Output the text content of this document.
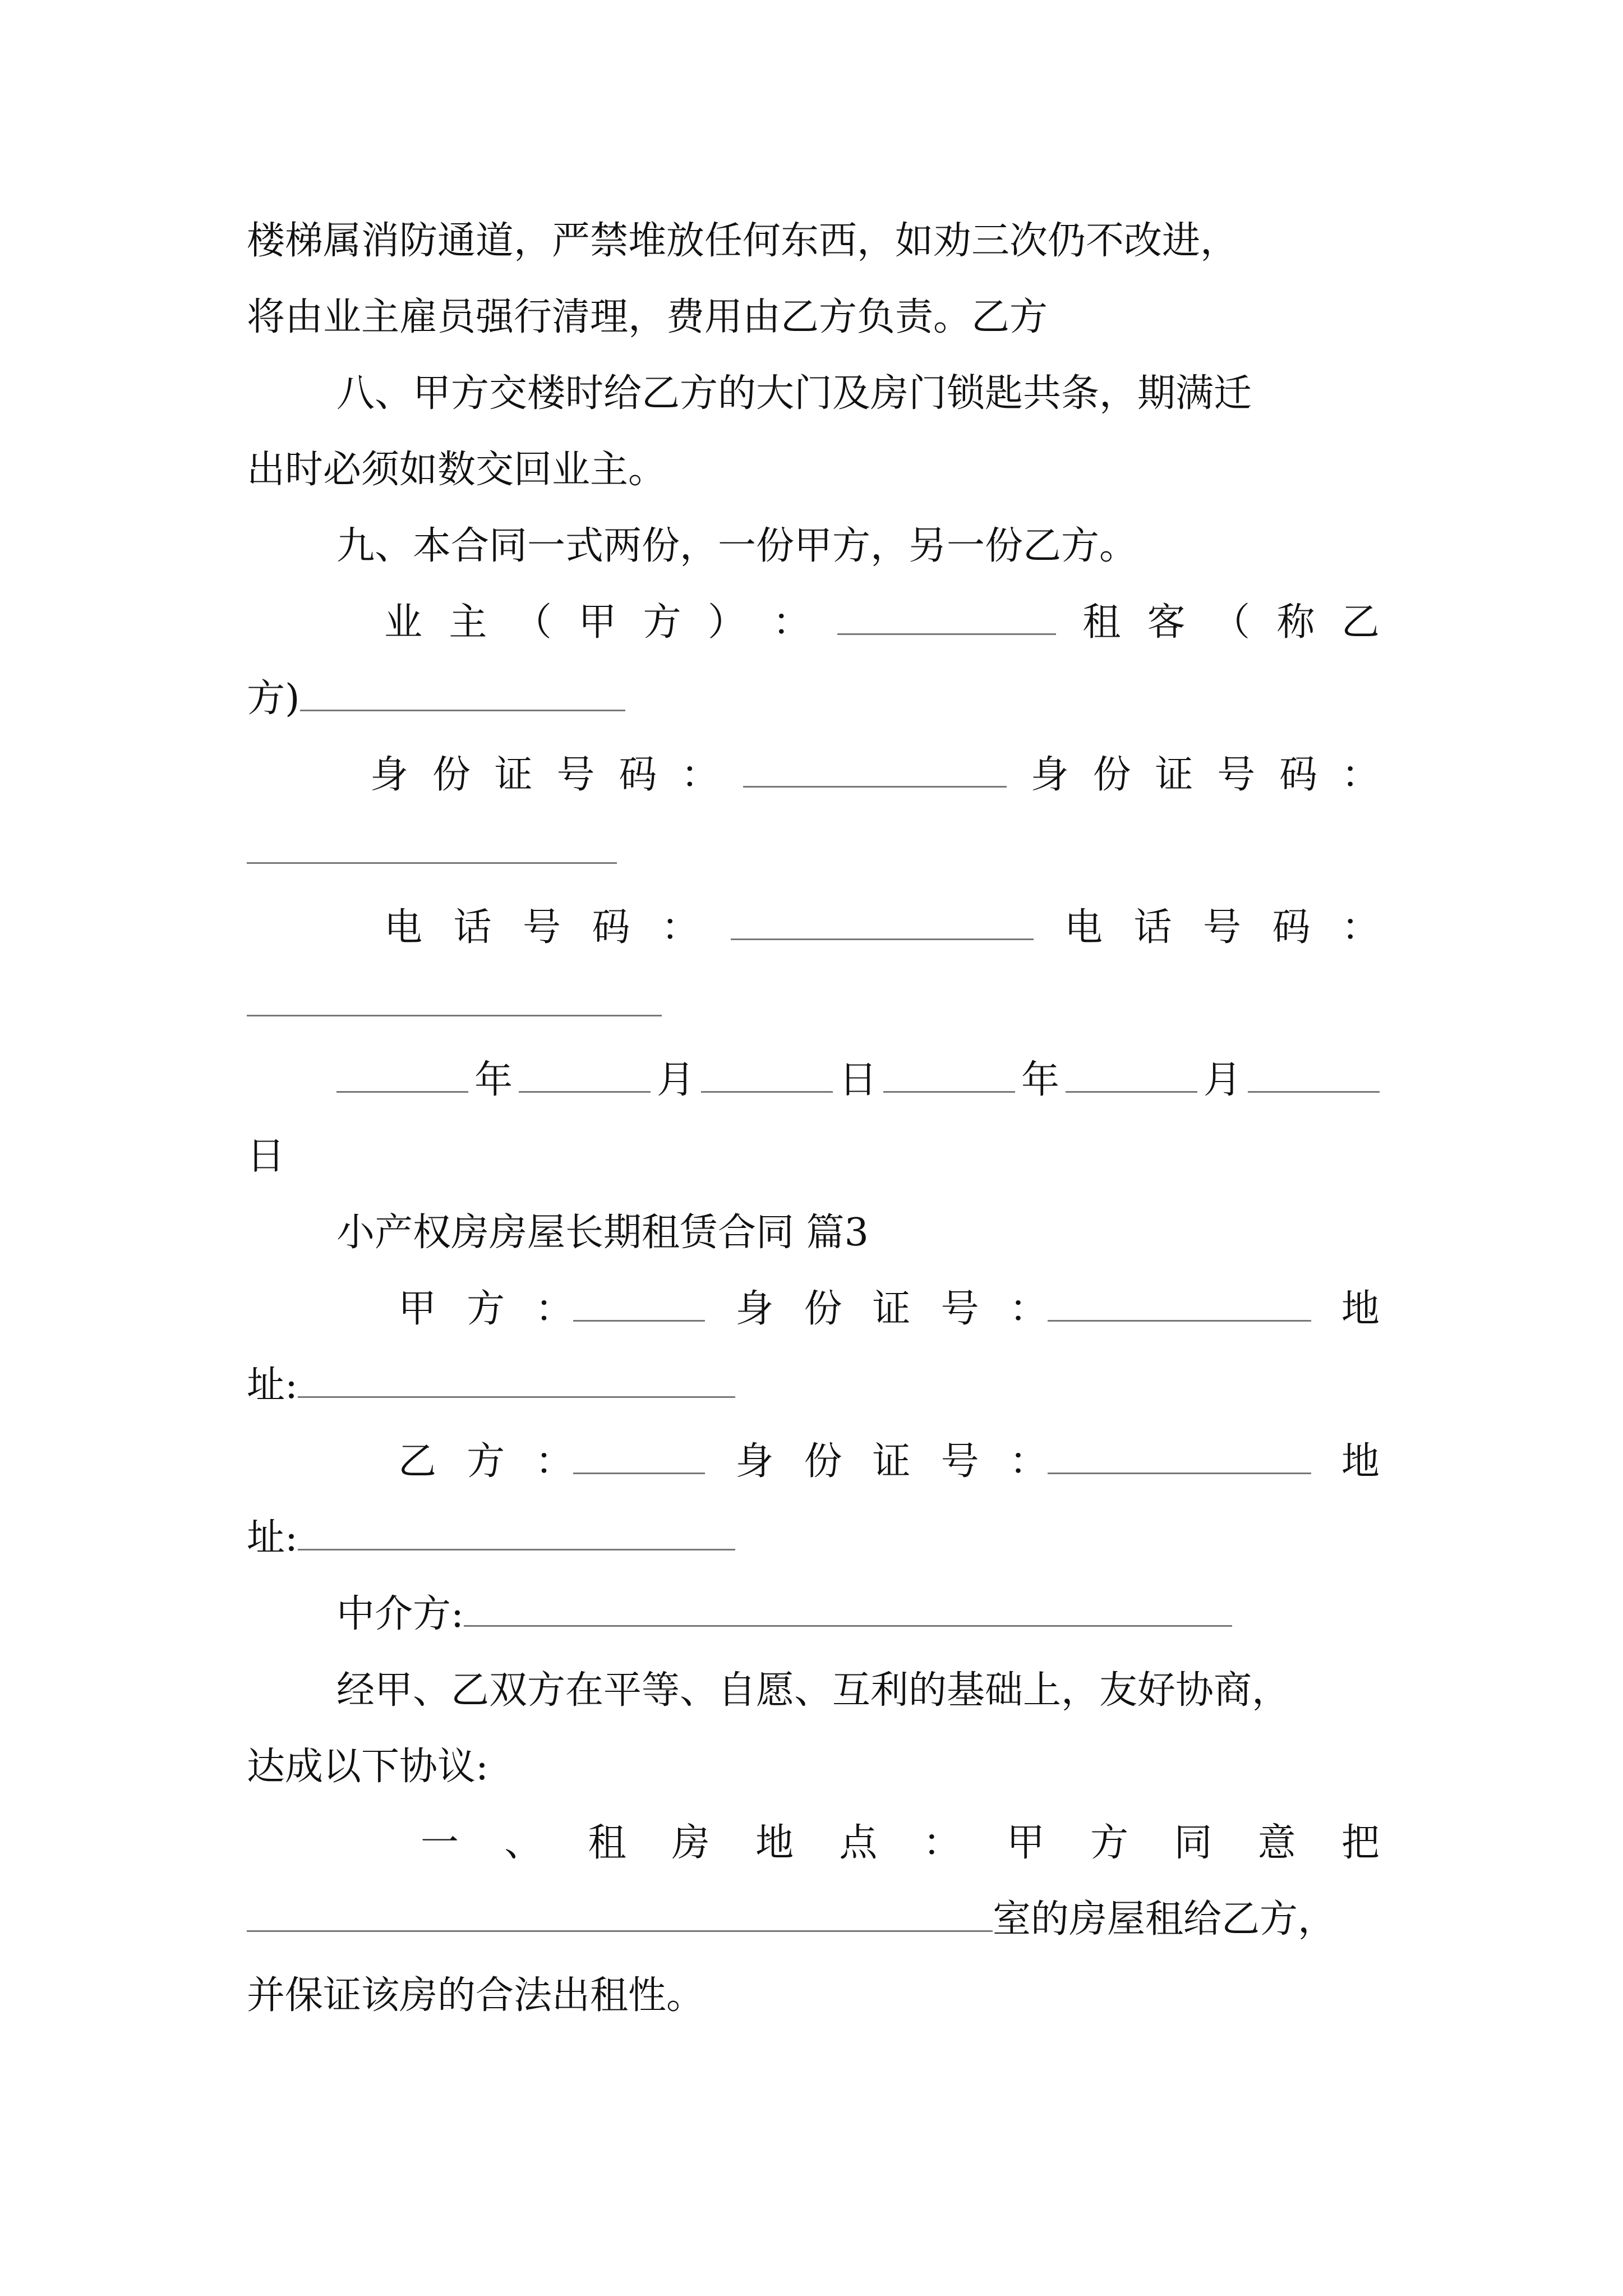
楼梯属消防通道，严禁堆放任何东西，如劝三次仍不改进，
将由业主雇员强行清理，费用由乙方负责。乙方
八、甲方交楼时给乙方的大门及房门锁匙共条，期满迁
出时必须如数交回业主。
九、本合同一式两份，一份甲方，另一份乙方。
业 主 （ 甲 方 ） ：	租 客 （ 称 乙
方)
身 份 证 号 码 ：	身 份 证 号 码 ：
电 话 号 码 ：	电 话 号 码 ：
年	月	日	年	月
日
小产权房房屋长期租赁合同 篇3
甲 方 ：	身 份 证 号 ：	地
址:
乙 方 ：	身 份 证 号 ：	地
址:
中介方:
经甲、乙双方在平等、自愿、互利的基础上，友好协商，
达成以下协议:
一 、 租 房 地 点 ： 甲 方 同 意 把
室的房屋租给乙方，
并保证该房的合法出租性。
